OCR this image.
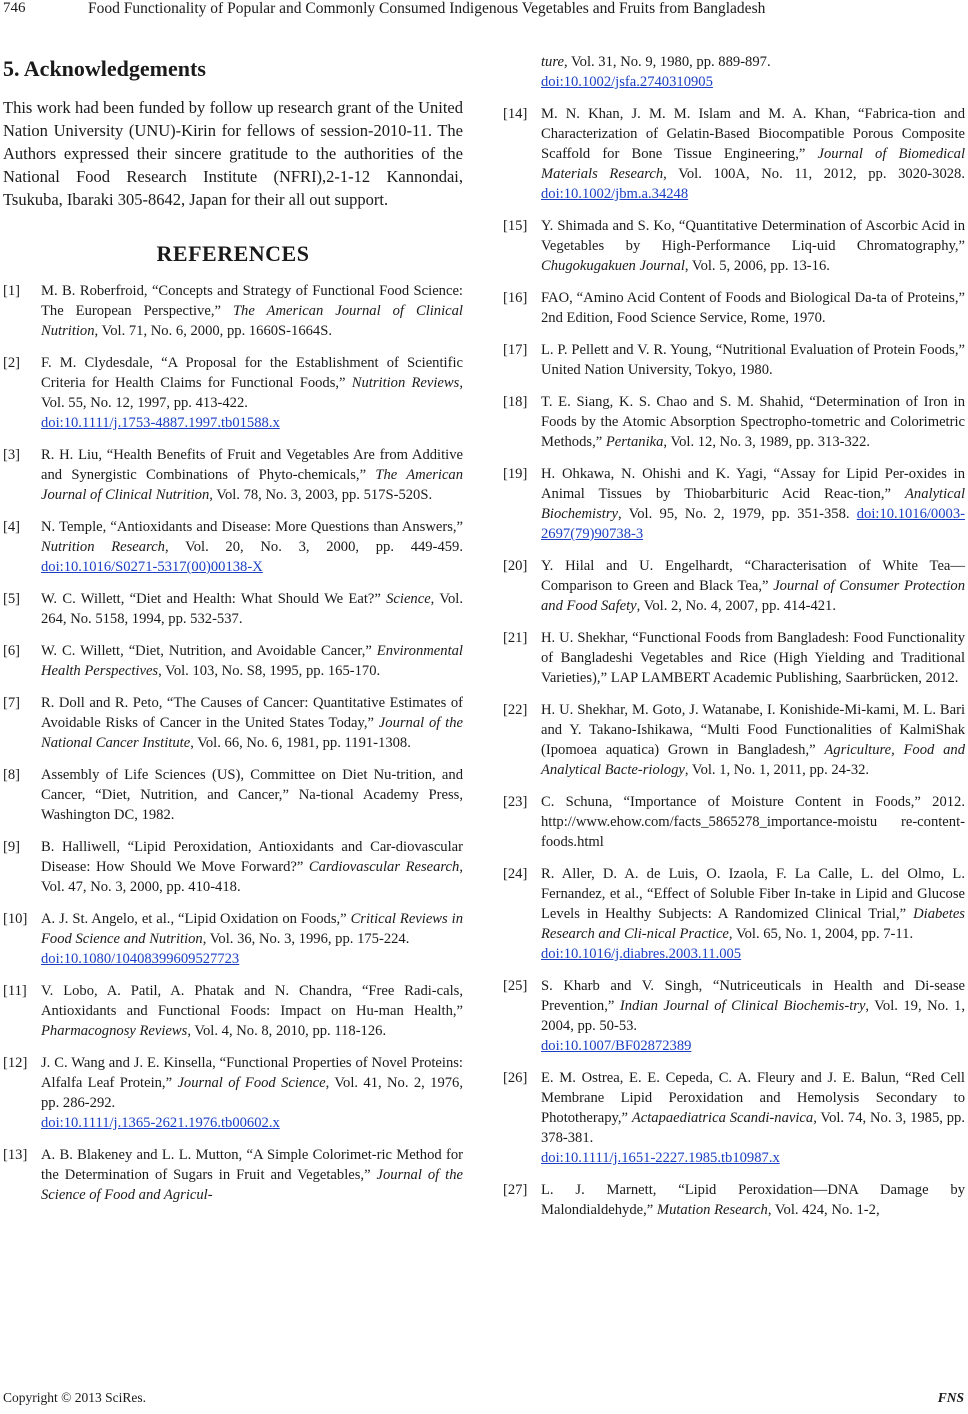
746	Food Functionality of Popular and Commonly Consumed Indigenous Vegetables and Fruits from Bangladesh
5. Acknowledgements

This work had been funded by follow up research grant of the United Nation University (UNU)-Kirin for fellows of session-2010-11. The Authors expressed their sincere gratitude to the authorities of the National Food Research Institute (NFRI),2-1-12 Kannondai, Tsukuba, Ibaraki 305-8642, Japan for their all out support.

REFERENCES
[1] M. B. Roberfroid, “Concepts and Strategy of Functional Food Science: The European Perspective,” The American Journal of Clinical Nutrition, Vol. 71, No. 6, 2000, pp. 1660S-1664S.
[2] F. M. Clydesdale, “A Proposal for the Establishment of Scientific Criteria for Health Claims for Functional Foods,” Nutrition Reviews, Vol. 55, No. 12, 1997, pp. 413-422.
doi:10.1111/j.1753-4887.1997.tb01588.x
[3] R. H. Liu, “Health Benefits of Fruit and Vegetables Are from Additive and Synergistic Combinations of Phyto-chemicals,” The American Journal of Clinical Nutrition, Vol. 78, No. 3, 2003, pp. 517S-520S.
[4] N. Temple, “Antioxidants and Disease: More Questions than Answers,” Nutrition Research, Vol. 20, No. 3, 2000, pp. 449-459. doi:10.1016/S0271-5317(00)00138-X
[5] W. C. Willett, “Diet and Health: What Should We Eat?” Science, Vol. 264, No. 5158, 1994, pp. 532-537.
[6] W. C. Willett, “Diet, Nutrition, and Avoidable Cancer,” Environmental Health Perspectives, Vol. 103, No. S8, 1995, pp. 165-170.
[7] R. Doll and R. Peto, “The Causes of Cancer: Quantitative Estimates of Avoidable Risks of Cancer in the United States Today,” Journal of the National Cancer Institute, Vol. 66, No. 6, 1981, pp. 1191-1308.
[8] Assembly of Life Sciences (US), Committee on Diet Nu-trition, and Cancer, “Diet, Nutrition, and Cancer,” Na-tional Academy Press, Washington DC, 1982.
[9] B. Halliwell, “Lipid Peroxidation, Antioxidants and Car-diovascular Disease: How Should We Move Forward?” Cardiovascular Research, Vol. 47, No. 3, 2000, pp. 410-418.
[10] A. J. St. Angelo, et al., “Lipid Oxidation on Foods,” Critical Reviews in Food Science and Nutrition, Vol. 36, No. 3, 1996, pp. 175-224.
doi:10.1080/10408399609527723
[11] V. Lobo, A. Patil, A. Phatak and N. Chandra, “Free Radi-cals, Antioxidants and Functional Foods: Impact on Hu-man Health,” Pharmacognosy Reviews, Vol. 4, No. 8, 2010, pp. 118-126.
[12] J. C. Wang and J. E. Kinsella, “Functional Properties of Novel Proteins: Alfalfa Leaf Protein,” Journal of Food Science, Vol. 41, No. 2, 1976, pp. 286-292.
doi:10.1111/j.1365-2621.1976.tb00602.x
[13] A. B. Blakeney and L. L. Mutton, “A Simple Colorimet-ric Method for the Determination of Sugars in Fruit and Vegetables,” Journal of the Science of Food and Agricul-
ture, Vol. 31, No. 9, 1980, pp. 889-897.
doi:10.1002/jsfa.2740310905
[14] M. N. Khan, J. M. M. Islam and M. A. Khan, “Fabrica-tion and Characterization of Gelatin-Based Biocompatible Porous Composite Scaffold for Bone Tissue Engineering,” Journal of Biomedical Materials Research, Vol. 100A, No. 11, 2012, pp. 3020-3028. doi:10.1002/jbm.a.34248
[15] Y. Shimada and S. Ko, “Quantitative Determination of Ascorbic Acid in Vegetables by High-Performance Liq-uid Chromatography,” Chugokugakuen Journal, Vol. 5, 2006, pp. 13-16.
[16] FAO, “Amino Acid Content of Foods and Biological Da-ta of Proteins,” 2nd Edition, Food Science Service, Rome, 1970.
[17] L. P. Pellett and V. R. Young, “Nutritional Evaluation of Protein Foods,” United Nation University, Tokyo, 1980.
[18] T. E. Siang, K. S. Chao and S. M. Shahid, “Determination of Iron in Foods by the Atomic Absorption Spectropho-tometric and Colorimetric Methods,” Pertanika, Vol. 12, No. 3, 1989, pp. 313-322.
[19] H. Ohkawa, N. Ohishi and K. Yagi, “Assay for Lipid Per-oxides in Animal Tissues by Thiobarbituric Acid Reac-tion,” Analytical Biochemistry, Vol. 95, No. 2, 1979, pp. 351-358. doi:10.1016/0003-2697(79)90738-3
[20] Y. Hilal and U. Engelhardt, “Characterisation of White Tea—Comparison to Green and Black Tea,” Journal of Consumer Protection and Food Safety, Vol. 2, No. 4, 2007, pp. 414-421.
[21] H. U. Shekhar, “Functional Foods from Bangladesh: Food Functionality of Bangladeshi Vegetables and Rice (High Yielding and Traditional Varieties),” LAP LAMBERT Academic Publishing, Saarbrücken, 2012.
[22] H. U. Shekhar, M. Goto, J. Watanabe, I. Konishide-Mi-kami, M. L. Bari and Y. Takano-Ishikawa, “Multi Food Functionalities of KalmiShak (Ipomoea aquatica) Grown in Bangladesh,” Agriculture, Food and Analytical Bacte-riology, Vol. 1, No. 1, 2011, pp. 24-32.
[23] C. Schuna, “Importance of Moisture Content in Foods,” 2012. http://www.ehow.com/facts_5865278_importance-moistu re-content-foods.html
[24] R. Aller, D. A. de Luis, O. Izaola, F. La Calle, L. del Olmo, L. Fernandez, et al., “Effect of Soluble Fiber In-take in Lipid and Glucose Levels in Healthy Subjects: A Randomized Clinical Trial,” Diabetes Research and Cli-nical Practice, Vol. 65, No. 1, 2004, pp. 7-11.
doi:10.1016/j.diabres.2003.11.005
[25] S. Kharb and V. Singh, “Nutriceuticals in Health and Di-sease Prevention,” Indian Journal of Clinical Biochemis-try, Vol. 19, No. 1, 2004, pp. 50-53.
doi:10.1007/BF02872389
[26] E. M. Ostrea, E. E. Cepeda, C. A. Fleury and J. E. Balun, “Red Cell Membrane Lipid Peroxidation and Hemolysis Secondary to Phototherapy,” Actapaediatrica Scandi-navica, Vol. 74, No. 3, 1985, pp. 378-381.
doi:10.1111/j.1651-2227.1985.tb10987.x
[27] L. J. Marnett, “Lipid Peroxidation—DNA Damage by Malondialdehyde,” Mutation Research, Vol. 424, No. 1-2,
Copyright © 2013 SciRes.	FNS
